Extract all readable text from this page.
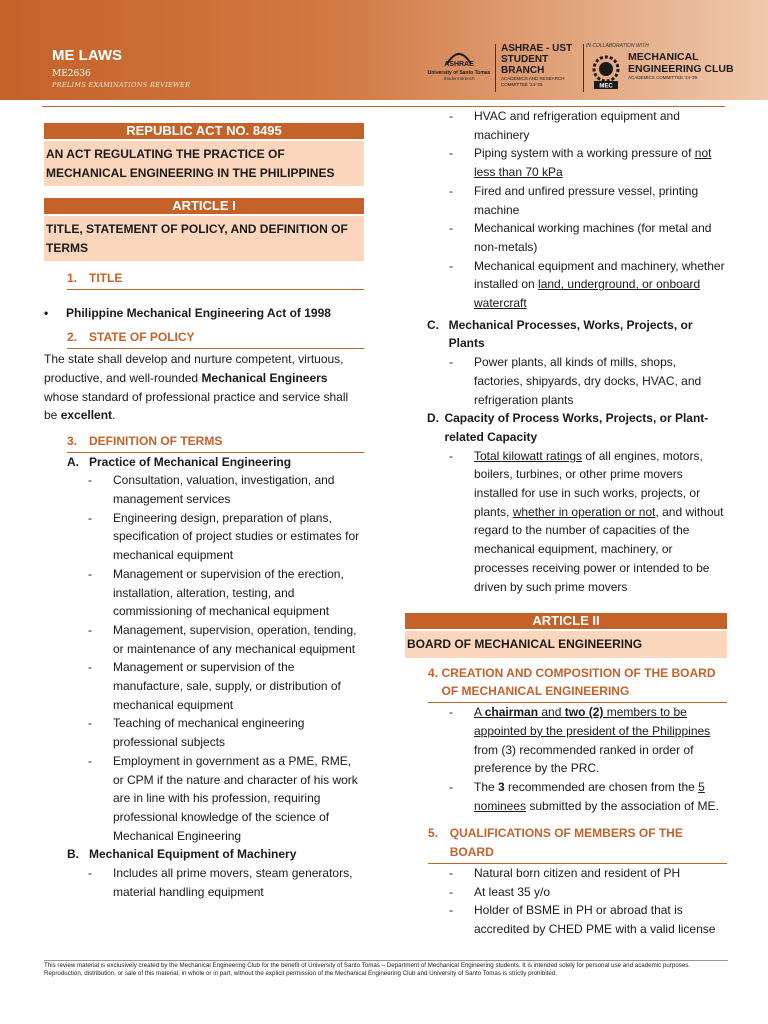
ME LAWS
ME2636
PRELIMS EXAMINATIONS REVIEWER
ASHRAE
University of Santo Tomas
Student Branch
ASHRAE - UST STUDENT BRANCH
ACADEMICS AND RESEARCH
COMMITTEE '24-'25
IN COLLABORATION WITH
MEC
MECHANICAL ENGINEERING CLUB
ACADEMICS COMMITTEE '24-'25
REPUBLIC ACT NO. 8495
AN ACT REGULATING THE PRACTICE OF MECHANICAL ENGINEERING IN THE PHILIPPINES
ARTICLE I
TITLE, STATEMENT OF POLICY, AND DEFINITION OF TERMS
1. TITLE
•	Philippine Mechanical Engineering Act of 1998
2. STATE OF POLICY
The state shall develop and nurture competent, virtuous, productive, and well-rounded Mechanical Engineers whose standard of professional practice and service shall be excellent.
3. DEFINITION OF TERMS
A. Practice of Mechanical Engineering
-	Consultation, valuation, investigation, and management services
-	Engineering design, preparation of plans, specification of project studies or estimates for mechanical equipment
-	Management or supervision of the erection, installation, alteration, testing, and commissioning of mechanical equipment
-	Management, supervision, operation, tending, or maintenance of any mechanical equipment
-	Management or supervision of the manufacture, sale, supply, or distribution of mechanical equipment
-	Teaching of mechanical engineering professional subjects
-	Employment in government as a PME, RME, or CPM if the nature and character of his work are in line with his profession, requiring professional knowledge of the science of Mechanical Engineering
B. Mechanical Equipment of Machinery
-	Includes all prime movers, steam generators, material handling equipment
-	HVAC and refrigeration equipment and machinery
-	Piping system with a working pressure of not less than 70 kPa
-	Fired and unfired pressure vessel, printing machine
-	Mechanical working machines (for metal and non-metals)
-	Mechanical equipment and machinery, whether installed on land, underground, or onboard watercraft
C. Mechanical Processes, Works, Projects, or Plants
-	Power plants, all kinds of mills, shops, factories, shipyards, dry docks, HVAC, and refrigeration plants
D. Capacity of Process Works, Projects, or Plant-related Capacity
-	Total kilowatt ratings of all engines, motors, boilers, turbines, or other prime movers installed for use in such works, projects, or plants, whether in operation or not, and without regard to the number of capacities of the mechanical equipment, machinery, or processes receiving power or intended to be driven by such prime movers
ARTICLE II
BOARD OF MECHANICAL ENGINEERING
4. CREATION AND COMPOSITION OF THE BOARD OF MECHANICAL ENGINEERING
-	A chairman and two (2) members to be appointed by the president of the Philippines from (3) recommended ranked in order of preference by the PRC.
-	The 3 recommended are chosen from the 5 nominees submitted by the association of ME.
5. QUALIFICATIONS OF MEMBERS OF THE BOARD
-	Natural born citizen and resident of PH
-	At least 35 y/o
-	Holder of BSME in PH or abroad that is accredited by CHED PME with a valid license
This review material is exclusively created by the Mechanical Engineering Club for the benefit of University of Santo Tomas – Department of Mechanical Engineering students. It is intended solely for personal use and academic purposes. Reproduction, distribution, or sale of this material, in whole or in part, without the explicit permission of the Mechanical Engineering Club and University of Santo Tomas is strictly prohibited.
